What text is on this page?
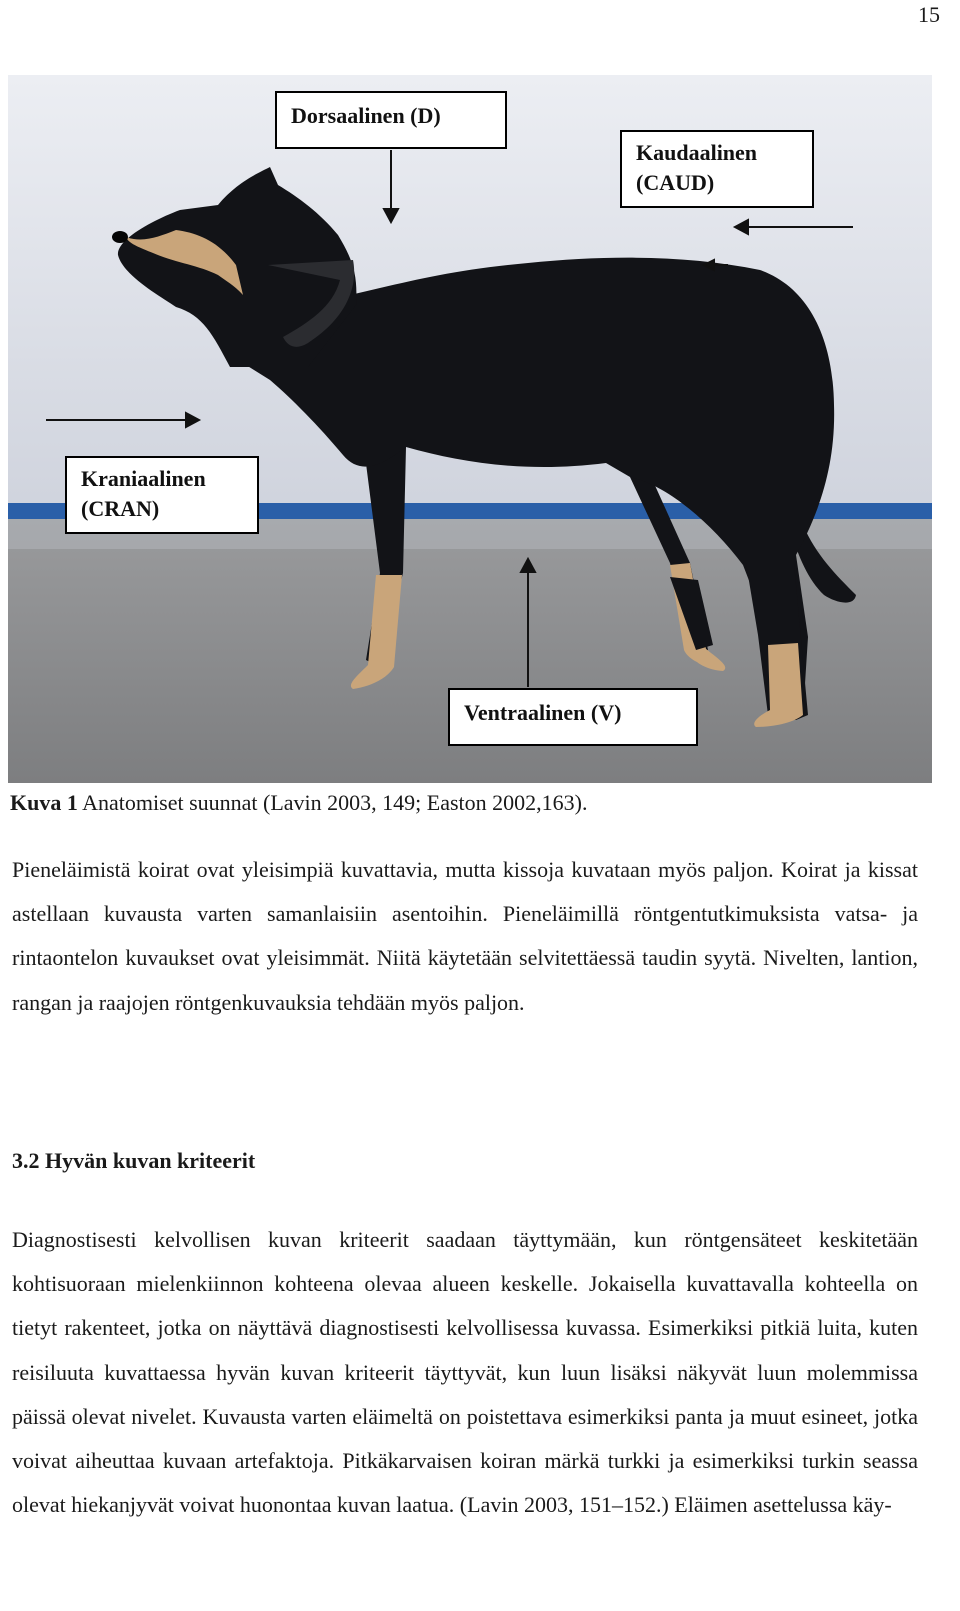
15
Dorsaalinen (D)
Kaudaalinen
(CAUD)
Kraniaalinen
(CRAN)
Ventraalinen (V)
Kuva 1 Anatomiset suunnat (Lavin 2003, 149; Easton 2002,163).

Pieneläimistä koirat ovat yleisimpiä kuvattavia, mutta kissoja kuvataan myös paljon. Koirat ja kissat astellaan kuvausta varten samanlaisiin asentoihin. Pieneläimillä röntgentutkimuksista vatsa- ja rintaontelon kuvaukset ovat yleisimmät. Niitä käytetään selvitettäessä taudin syytä. Nivelten, lantion, rangan ja raajojen röntgenkuvauksia tehdään myös paljon.

3.2 Hyvän kuvan kriteerit

Diagnostisesti kelvollisen kuvan kriteerit saadaan täyttymään, kun röntgensäteet keskitetään kohtisuoraan mielenkiinnon kohteena olevaa alueen keskelle. Jokaisella kuvattavalla kohteella on tietyt rakenteet, jotka on näyttävä diagnostisesti kelvollisessa kuvassa. Esimerkiksi pitkiä luita, kuten reisiluuta kuvattaessa hyvän kuvan kriteerit täyttyvät, kun luun lisäksi näkyvät luun molemmissa päissä olevat nivelet. Kuvausta varten eläimeltä on poistettava esimerkiksi panta ja muut esineet, jotka voivat aiheuttaa kuvaan artefaktoja. Pitkäkarvaisen koiran märkä turkki ja esimerkiksi turkin seassa olevat hiekanjyvät voivat huonontaa kuvan laatua. (Lavin 2003, 151–152.) Eläimen asettelussa käy-
